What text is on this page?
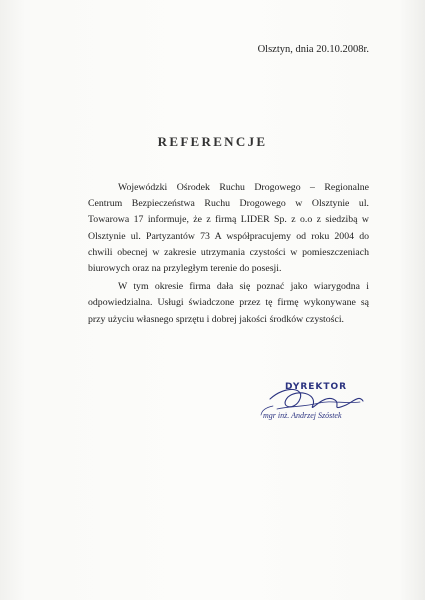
Olsztyn, dnia 20.10.2008r.
REFERENCJE

Wojewódzki Ośrodek Ruchu Drogowego – Regionalne Centrum Bezpieczeństwa Ruchu Drogowego w Olsztynie ul. Towarowa 17 informuje, że z firmą LIDER Sp. z o.o z siedzibą w Olsztynie ul. Partyzantów 73 A współpracujemy od roku 2004 do chwili obecnej w zakresie utrzymania czystości w pomieszczeniach biurowych oraz na przyległym terenie do posesji.

W tym okresie firma dała się poznać jako wiarygodna i odpowiedzialna. Usługi świadczone przez tę firmę wykonywane są przy użyciu własnego sprzętu i dobrej jakości środków czystości.

DYREKTOR
mgr inż. Andrzej Szóstek
